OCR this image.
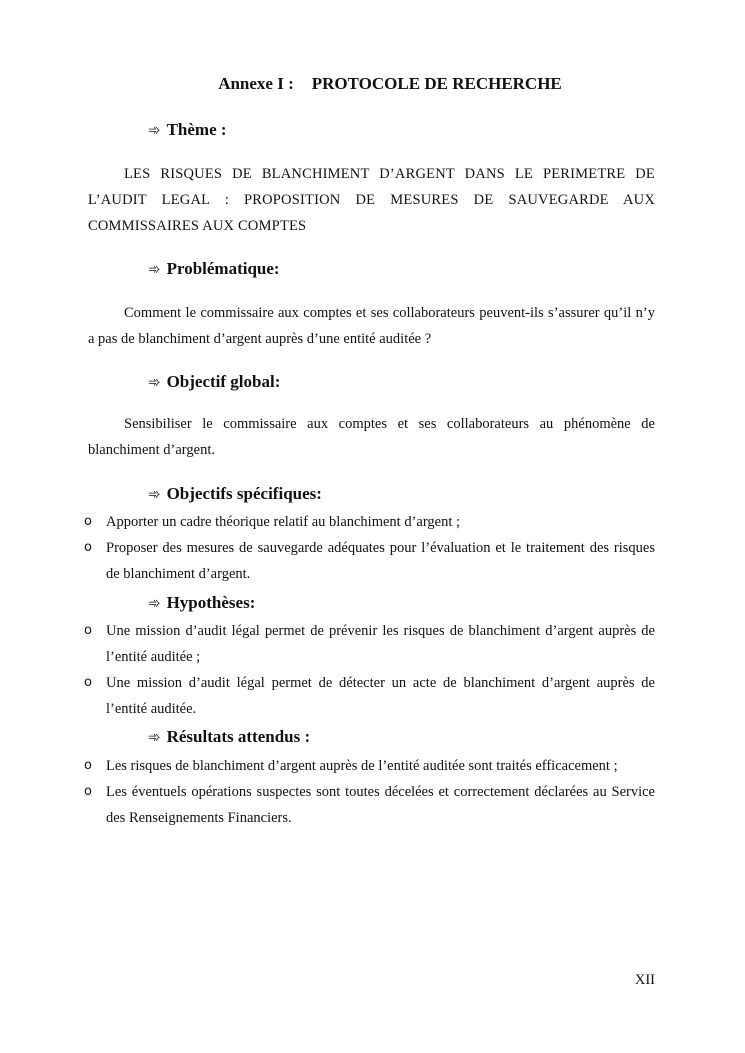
Annexe I : PROTOCOLE DE RECHERCHE
➾ Thème :
LES RISQUES DE BLANCHIMENT D’ARGENT DANS LE PERIMETRE DE L’AUDIT LEGAL : PROPOSITION DE MESURES DE SAUVEGARDE AUX COMMISSAIRES AUX COMPTES
➾ Problématique:
Comment le commissaire aux comptes et ses collaborateurs peuvent-ils s’assurer qu’il n’y a pas de blanchiment d’argent auprès d’une entité auditée ?
➾ Objectif global:
Sensibiliser le commissaire aux comptes et ses collaborateurs au phénomène de blanchiment d’argent.
➾ Objectifs spécifiques:
o Apporter un cadre théorique relatif au blanchiment d’argent ;
o Proposer des mesures de sauvegarde adéquates pour l’évaluation et le traitement des risques de blanchiment d’argent.
➾ Hypothèses:
o Une mission d’audit légal permet de prévenir les risques de blanchiment d’argent auprès de l’entité auditée ;
o Une mission d’audit légal permet de détecter un acte de blanchiment d’argent auprès de l’entité auditée.
➾ Résultats attendus :
o Les risques de blanchiment d’argent auprès de l’entité auditée sont traités efficacement ;
o Les éventuels opérations suspectes sont toutes décelées et correctement déclarées au Service des Renseignements Financiers.
XII
